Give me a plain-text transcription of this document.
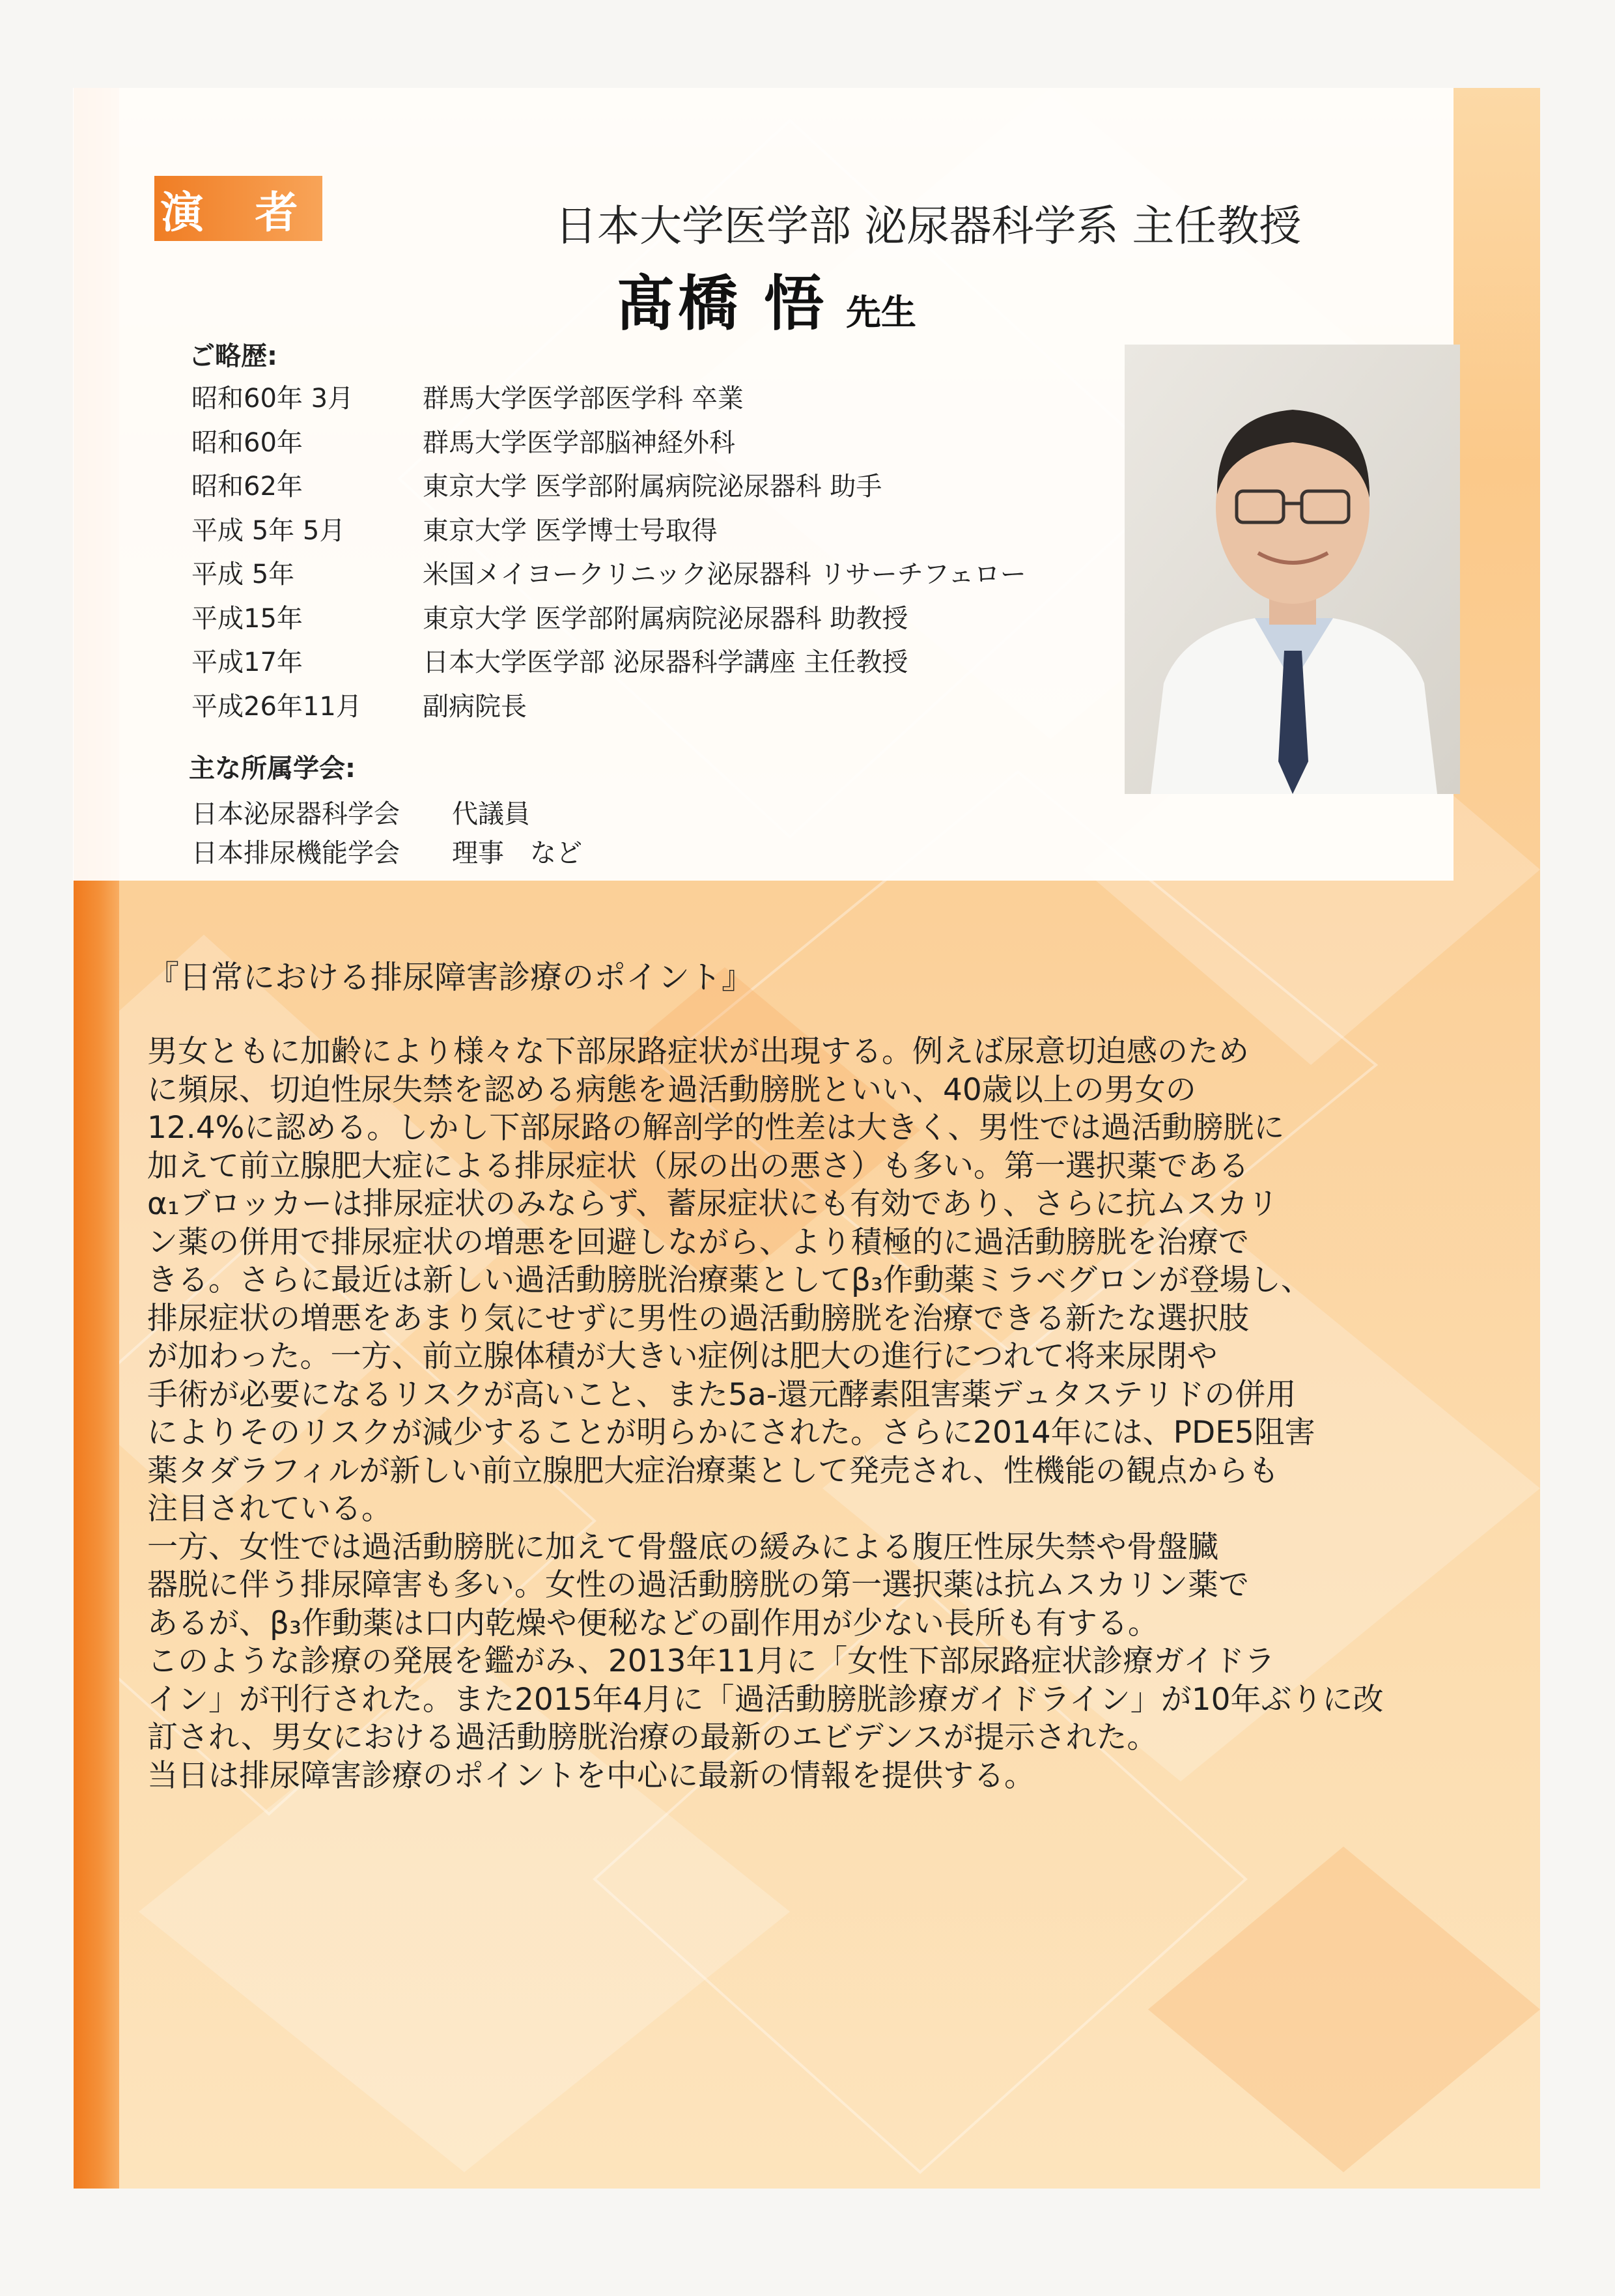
演 者	日本大学医学部 泌尿器科学系 主任教授
髙橋 悟 先生
ご略歴:
昭和60年 3月	群馬大学医学部医学科 卒業
昭和60年	群馬大学医学部脳神経外科
昭和62年	東京大学 医学部附属病院泌尿器科 助手
平成 5年 5月	東京大学 医学博士号取得
平成 5年	米国メイヨークリニック泌尿器科 リサーチフェロー
平成15年	東京大学 医学部附属病院泌尿器科 助教授
平成17年	日本大学医学部 泌尿器科学講座 主任教授
平成26年11月	副病院長
主な所属学会:
日本泌尿器科学会	代議員
日本排尿機能学会	理事　など
『日常における排尿障害診療のポイント』
男女ともに加齢により様々な下部尿路症状が出現する。例えば尿意切迫感のため
に頻尿、切迫性尿失禁を認める病態を過活動膀胱といい、40歳以上の男女の
12.4%に認める。しかし下部尿路の解剖学的性差は大きく、男性では過活動膀胱に
加えて前立腺肥大症による排尿症状（尿の出の悪さ）も多い。第一選択薬である
α₁ブロッカーは排尿症状のみならず、蓄尿症状にも有効であり、さらに抗ムスカリ
ン薬の併用で排尿症状の増悪を回避しながら、より積極的に過活動膀胱を治療で
きる。さらに最近は新しい過活動膀胱治療薬としてβ₃作動薬ミラベグロンが登場し、
排尿症状の増悪をあまり気にせずに男性の過活動膀胱を治療できる新たな選択肢
が加わった。一方、前立腺体積が大きい症例は肥大の進行につれて将来尿閉や
手術が必要になるリスクが高いこと、また5a-還元酵素阻害薬デュタステリドの併用
によりそのリスクが減少することが明らかにされた。さらに2014年には、PDE5阻害
薬タダラフィルが新しい前立腺肥大症治療薬として発売され、性機能の観点からも
注目されている。
一方、女性では過活動膀胱に加えて骨盤底の緩みによる腹圧性尿失禁や骨盤臓
器脱に伴う排尿障害も多い。女性の過活動膀胱の第一選択薬は抗ムスカリン薬で
あるが、β₃作動薬は口内乾燥や便秘などの副作用が少ない長所も有する。
このような診療の発展を鑑がみ、2013年11月に「女性下部尿路症状診療ガイドラ
イン」が刊行された。また2015年4月に「過活動膀胱診療ガイドライン」が10年ぶりに改
訂され、男女における過活動膀胱治療の最新のエビデンスが提示された。
当日は排尿障害診療のポイントを中心に最新の情報を提供する。
